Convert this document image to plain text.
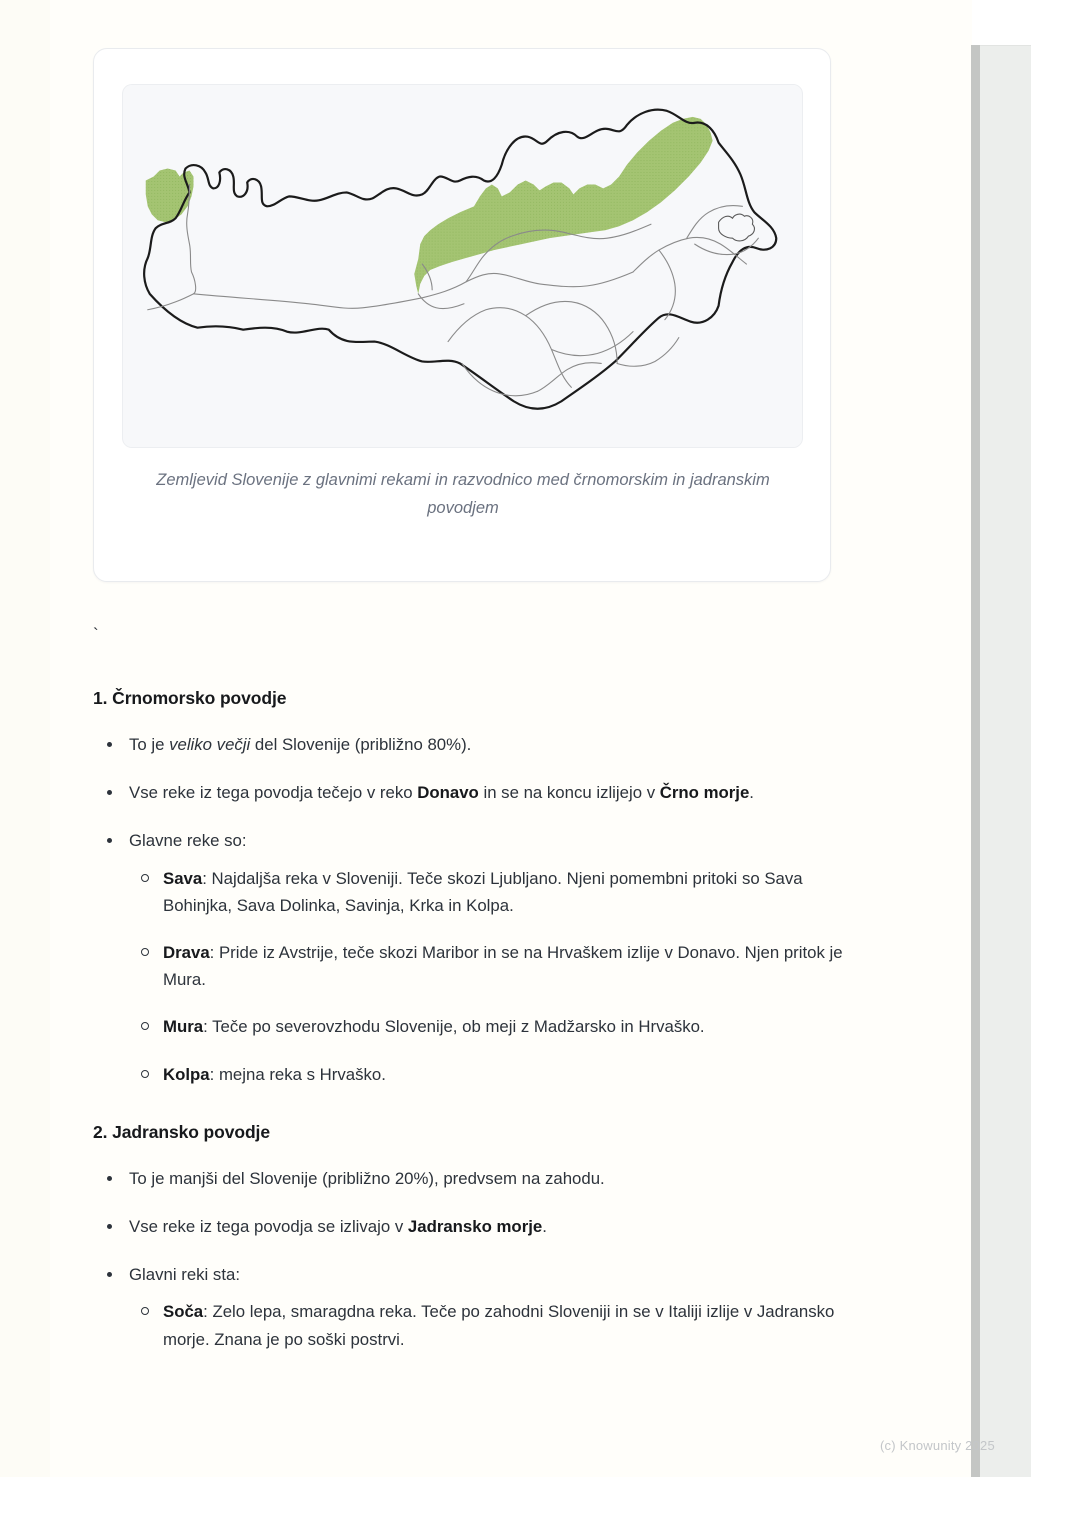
Zemljevid Slovenije z glavnimi rekami in razvodnico med črnomorskim in jadranskim povodjem
`
1. Črnomorsko povodje
To je veliko večji del Slovenije (približno 80%).
Vse reke iz tega povodja tečejo v reko Donavo in se na koncu izlijejo v Črno morje.
Glavne reke so:
Sava: Najdaljša reka v Sloveniji. Teče skozi Ljubljano. Njeni pomembni pritoki so Sava Bohinjka, Sava Dolinka, Savinja, Krka in Kolpa.
Drava: Pride iz Avstrije, teče skozi Maribor in se na Hrvaškem izlije v Donavo. Njen pritok je Mura.
Mura: Teče po severovzhodu Slovenije, ob meji z Madžarsko in Hrvaško.
Kolpa: mejna reka s Hrvaško.
2. Jadransko povodje
To je manjši del Slovenije (približno 20%), predvsem na zahodu.
Vse reke iz tega povodja se izlivajo v Jadransko morje.
Glavni reki sta:
Soča: Zelo lepa, smaragdna reka. Teče po zahodni Sloveniji in se v Italiji izlije v Jadransko morje. Znana je po soški postrvi.
(c) Knowunity 2025
